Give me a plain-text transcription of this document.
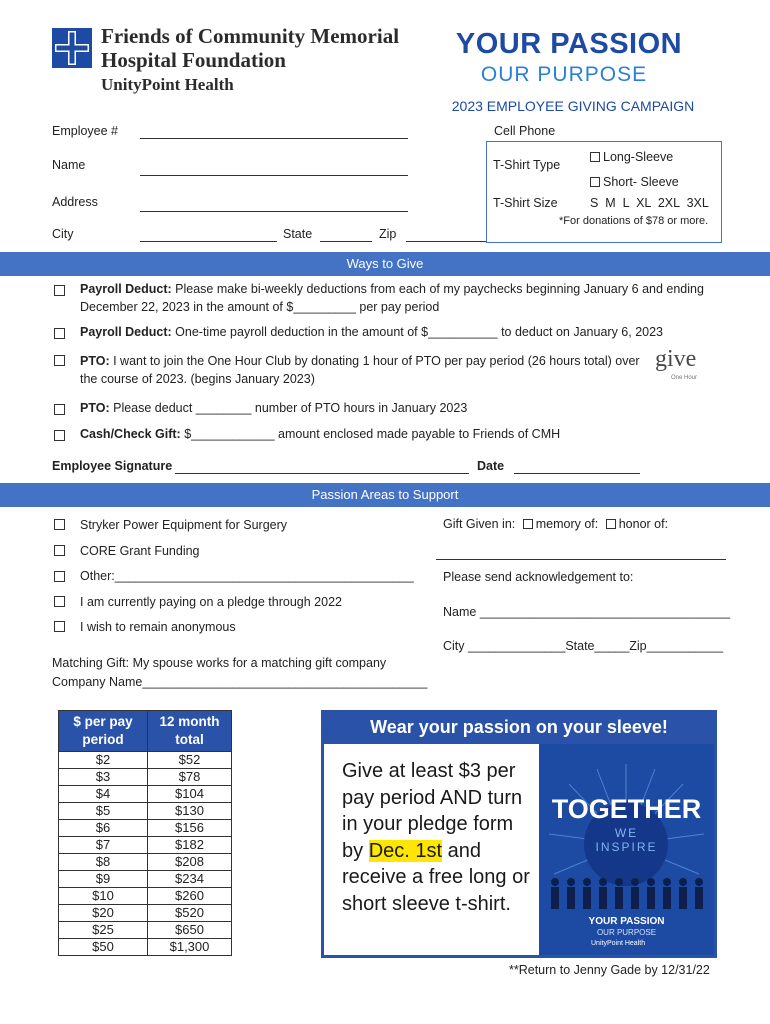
Friends of Community Memorial
Hospital Foundation
UnityPoint Health
YOUR PASSION
OUR PURPOSE
2023 EMPLOYEE GIVING CAMPAIGN
Employee #
Name
Address
City	State	Zip
Cell Phone
T-Shirt Type
Long-Sleeve
Short- Sleeve
T-Shirt Size	S  M  L  XL  2XL  3XL
*For donations of $78 or more.
Ways to Give
Payroll Deduct: Please make bi-weekly deductions from each of my paychecks beginning January 6 and ending December 22, 2023 in the amount of $_________ per pay period
Payroll Deduct: One-time payroll deduction in the amount of $__________ to deduct on January 6, 2023
PTO: I want to join the One Hour Club by donating 1 hour of PTO per pay period (26 hours total) over the course of 2023. (begins January 2023)
give
One Hour
PTO: Please deduct ________ number of PTO hours in January 2023
Cash/Check Gift: $____________ amount enclosed made payable to Friends of CMH
Employee Signature	Date
Passion Areas to Support
Stryker Power Equipment for Surgery
CORE Grant Funding
Other:___________________________________________
I am currently paying on a pledge through 2022
I wish to remain anonymous
Matching Gift: My spouse works for a matching gift company
Company Name_________________________________________
Gift Given in: memory of: honor of:
Please send acknowledgement to:
Name ____________________________________
City ______________State_____Zip___________
$ per pay period	12 month total
$2	$52
$3	$78
$4	$104
$5	$130
$6	$156
$7	$182
$8	$208
$9	$234
$10	$260
$20	$520
$25	$650
$50	$1,300
Wear your passion on your sleeve!
Give at least $3 per pay period AND turn in your pledge form by Dec. 1st and receive a free long or short sleeve t-shirt.
TOGETHER
WE
INSPIRE
YOUR PASSION
OUR PURPOSE
UnityPoint Health
**Return to Jenny Gade by 12/31/22
